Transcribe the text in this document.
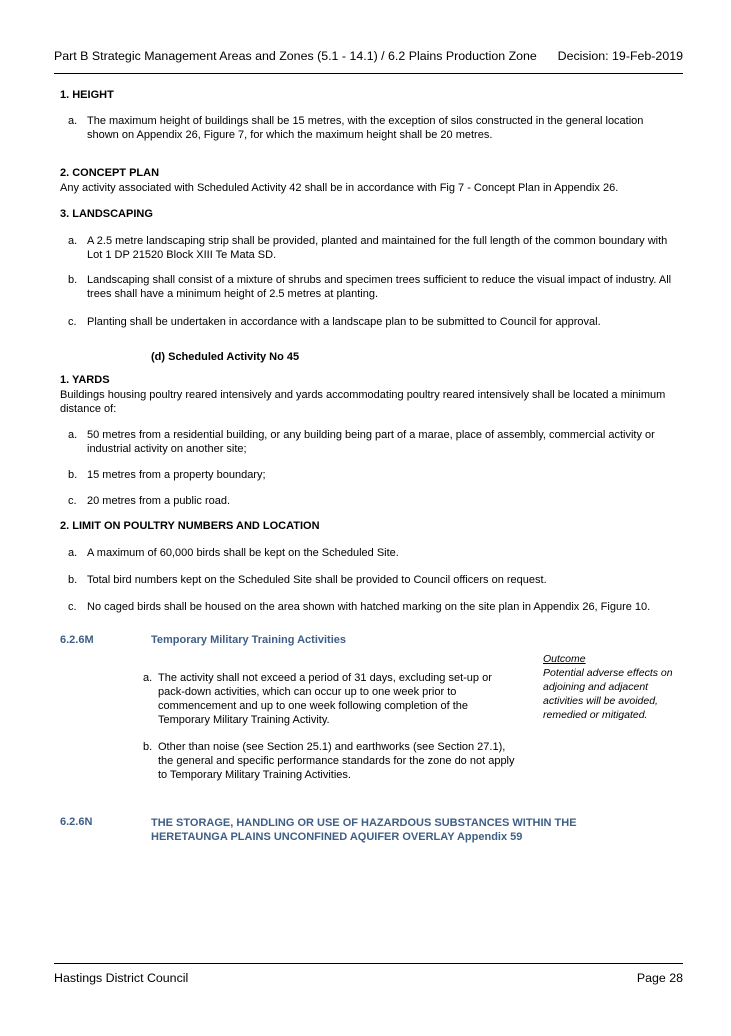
Part B Strategic Management Areas and Zones (5.1 - 14.1) / 6.2 Plains Production Zone Decision: 19-Feb-2019
1. HEIGHT
a. The maximum height of buildings shall be 15 metres, with the exception of silos constructed in the general location shown on Appendix 26, Figure 7, for which the maximum height shall be 20 metres.
2. CONCEPT PLAN
Any activity associated with Scheduled Activity 42 shall be in accordance with Fig 7 - Concept Plan in Appendix 26.
3. LANDSCAPING
a. A 2.5 metre landscaping strip shall be provided, planted and maintained for the full length of the common boundary with Lot 1 DP 21520 Block XIII Te Mata SD.
b. Landscaping shall consist of a mixture of shrubs and specimen trees sufficient to reduce the visual impact of industry. All trees shall have a minimum height of 2.5 metres at planting.
c. Planting shall be undertaken in accordance with a landscape plan to be submitted to Council for approval.
(d) Scheduled Activity No 45
1. YARDS
Buildings housing poultry reared intensively and yards accommodating poultry reared intensively shall be located a minimum distance of:
a. 50 metres from a residential building, or any building being part of a marae, place of assembly, commercial activity or industrial activity on another site;
b. 15 metres from a property boundary;
c. 20 metres from a public road.
2. LIMIT ON POULTRY NUMBERS AND LOCATION
a. A maximum of 60,000 birds shall be kept on the Scheduled Site.
b. Total bird numbers kept on the Scheduled Site shall be provided to Council officers on request.
c. No caged birds shall be housed on the area shown with hatched marking on the site plan in Appendix 26, Figure 10.
6.2.6M	Temporary Military Training Activities
a. The activity shall not exceed a period of 31 days, excluding set-up or pack-down activities, which can occur up to one week prior to commencement and up to one week following completion of the Temporary Military Training Activity.
b. Other than noise (see Section 25.1) and earthworks (see Section 27.1), the general and specific performance standards for the zone do not apply to Temporary Military Training Activities.
Outcome
Potential adverse effects on adjoining and adjacent activities will be avoided, remedied or mitigated.
6.2.6N	THE STORAGE, HANDLING OR USE OF HAZARDOUS SUBSTANCES WITHIN THE HERETAUNGA PLAINS UNCONFINED AQUIFER OVERLAY Appendix 59
Hastings District Council	Page 28
